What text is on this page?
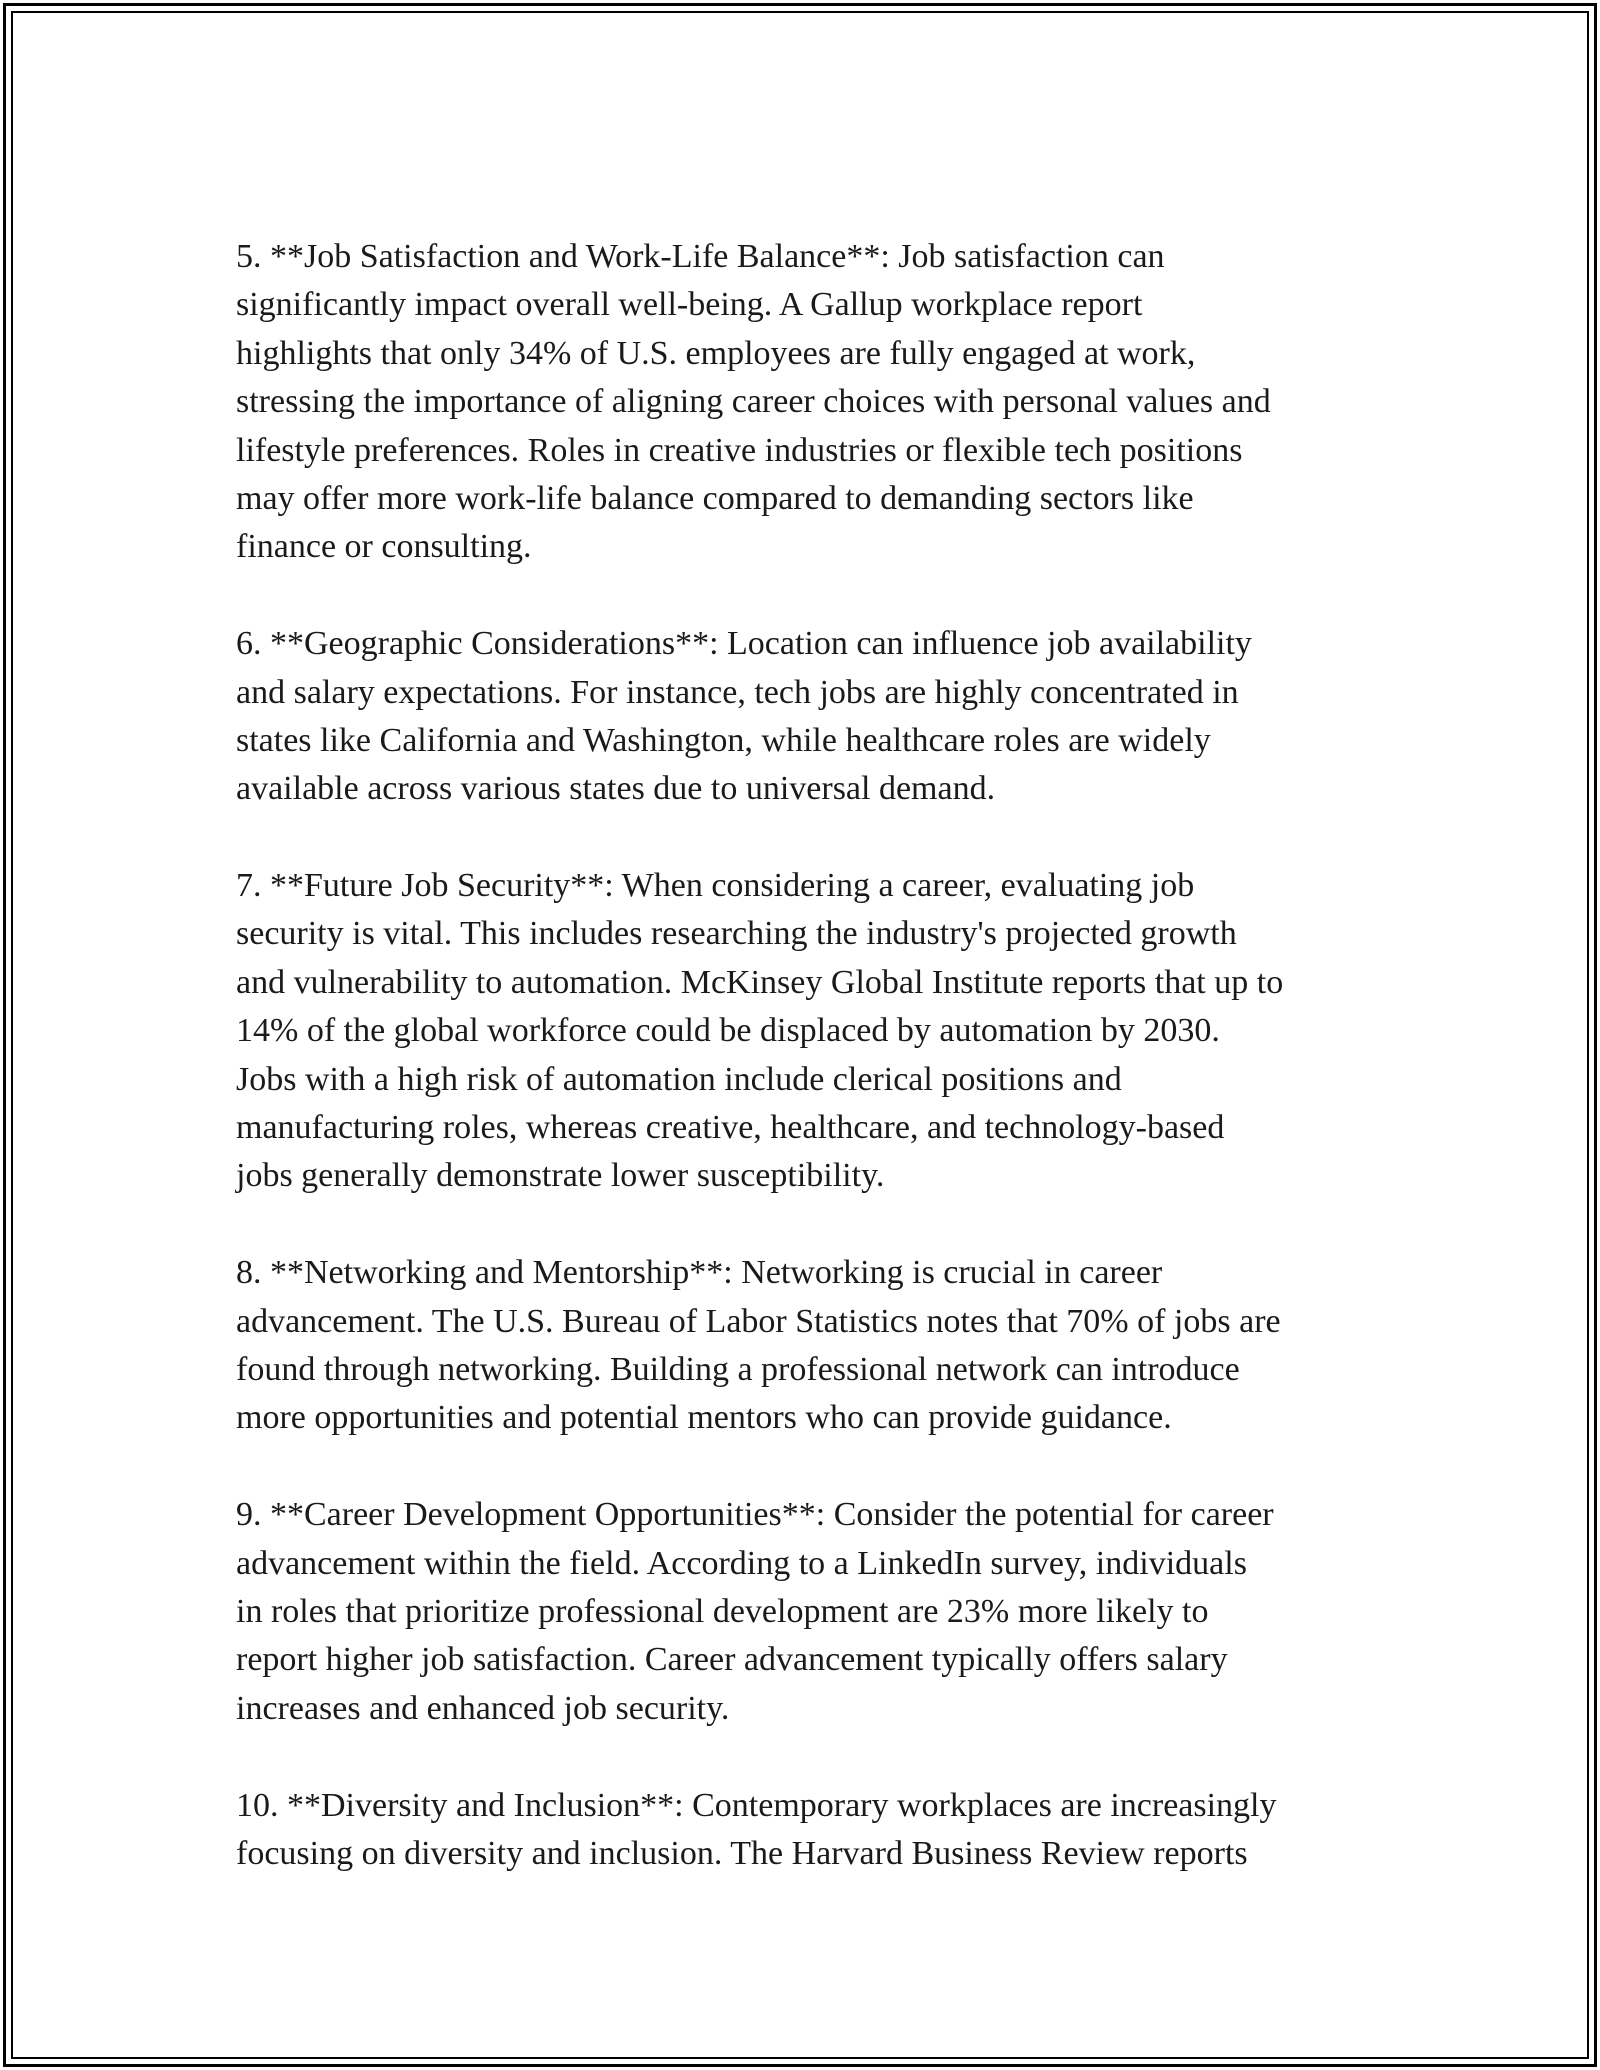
5. **Job Satisfaction and Work-Life Balance**: Job satisfaction can
significantly impact overall well-being. A Gallup workplace report
highlights that only 34% of U.S. employees are fully engaged at work,
stressing the importance of aligning career choices with personal values and
lifestyle preferences. Roles in creative industries or flexible tech positions
may offer more work-life balance compared to demanding sectors like
finance or consulting.
6. **Geographic Considerations**: Location can influence job availability
and salary expectations. For instance, tech jobs are highly concentrated in
states like California and Washington, while healthcare roles are widely
available across various states due to universal demand.
7. **Future Job Security**: When considering a career, evaluating job
security is vital. This includes researching the industry's projected growth
and vulnerability to automation. McKinsey Global Institute reports that up to
14% of the global workforce could be displaced by automation by 2030.
Jobs with a high risk of automation include clerical positions and
manufacturing roles, whereas creative, healthcare, and technology-based
jobs generally demonstrate lower susceptibility.
8. **Networking and Mentorship**: Networking is crucial in career
advancement. The U.S. Bureau of Labor Statistics notes that 70% of jobs are
found through networking. Building a professional network can introduce
more opportunities and potential mentors who can provide guidance.
9. **Career Development Opportunities**: Consider the potential for career
advancement within the field. According to a LinkedIn survey, individuals
in roles that prioritize professional development are 23% more likely to
report higher job satisfaction. Career advancement typically offers salary
increases and enhanced job security.
10. **Diversity and Inclusion**: Contemporary workplaces are increasingly
focusing on diversity and inclusion. The Harvard Business Review reports
